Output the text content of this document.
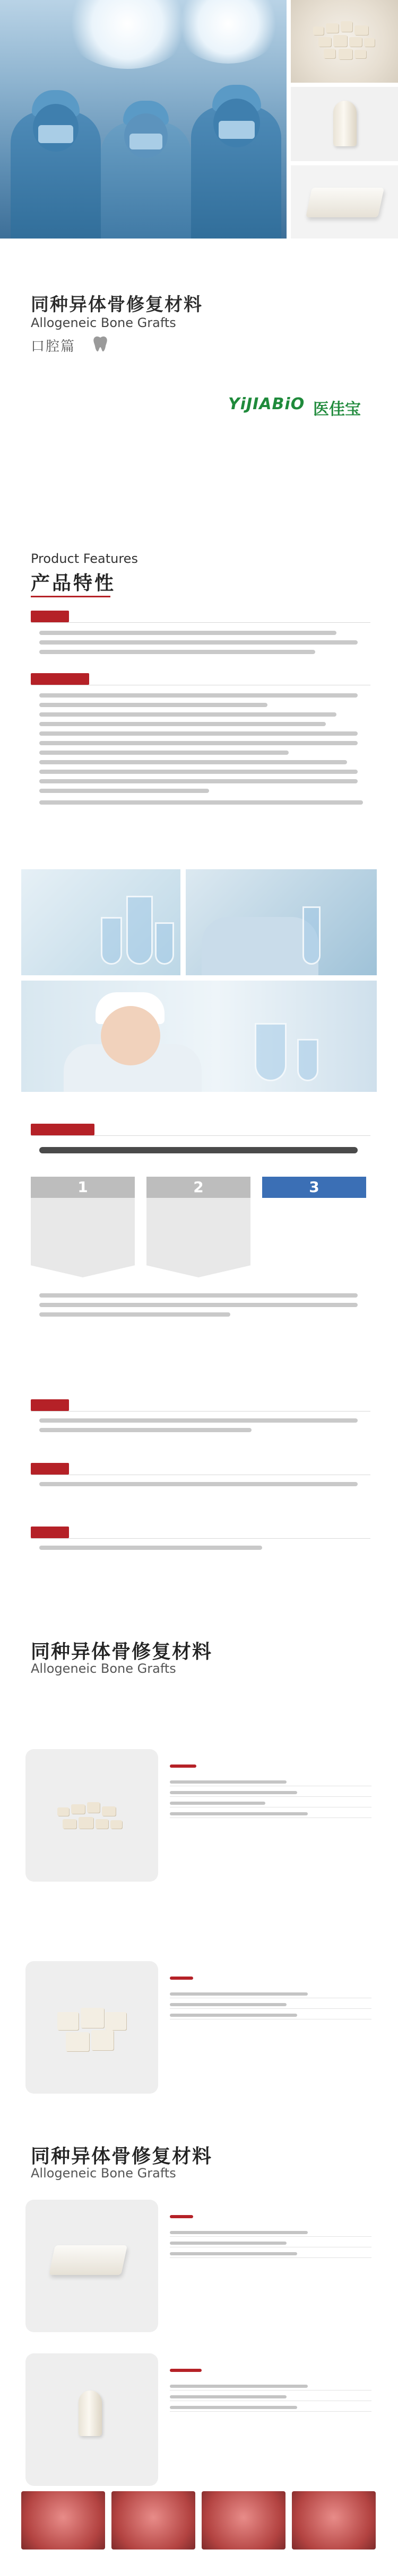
同种异体骨修复材料
Allogeneic Bone Grafts
口腔篇
YiJIABiO 医佳宝
Product Features
产品特性
1	2	3
同种异体骨修复材料
Allogeneic Bone Grafts

同种异体骨修复材料
Allogeneic Bone Grafts
